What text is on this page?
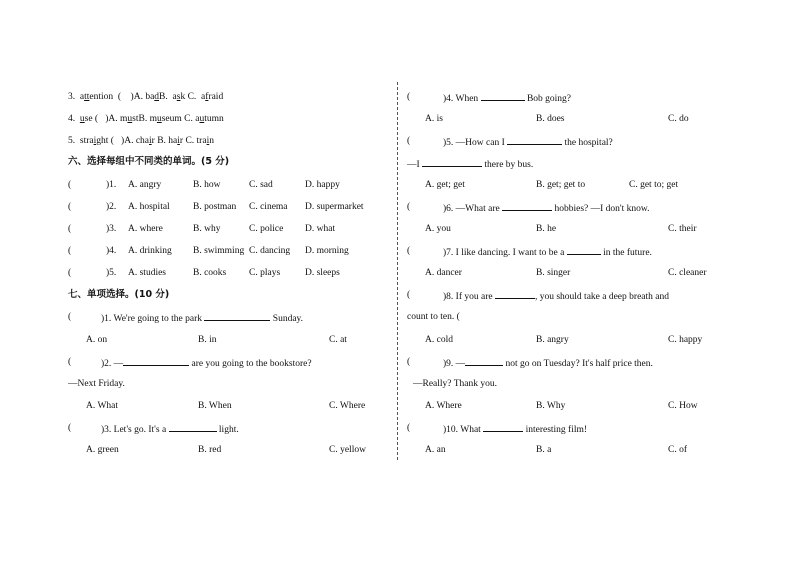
3. attention ( )A. badB. ask C. afraid
4. use ( )A. mustB. museum C. autumn
5. straight ( )A. chair B. hair C. train
六、选择每组中不同类的单词。(5 分)
(	)1. A. angry	B. how	C. sad	D. happy
(	)2. A. hospital B. postman C. cinema D. supermarket
(	)3. A. where	B. why	C. police D. what
(	)4. A. drinking B. swimming C. dancing D. morning
(	)5. A. studies	B. cooks C. plays	D. sleeps
七、单项选择。(10 分)
(	)1. We're going to the park	Sunday.
A. on	B. in	C. at
(	)2. —	are you going to the bookstore?
—Next Friday.
A. What	B. When	C. Where
(	)3. Let's go. It's a	light.
A. green	B. red	C. yellow
(	)4. When	Bob going?
A. is	B. does	C. do
(	)5. —How can I	the hospital?
—I	there by bus.
A. get; get	B. get; get to	C. get to; get
(	)6. —What are	hobbies? —I don't know.
A. you	B. he	C. their
(	)7. I like dancing. I want to be a	in the future.
A. dancer	B. singer	C. cleaner
(	)8. If you are	, you should take a deep breath and
count to ten. (
A. cold	B. angry	C. happy
(	)9. —	not go on Tuesday? It's half price then.
—Really? Thank you.
A. Where	B. Why	C. How
(	)10. What	interesting film!
A. an	B. a	C. of
